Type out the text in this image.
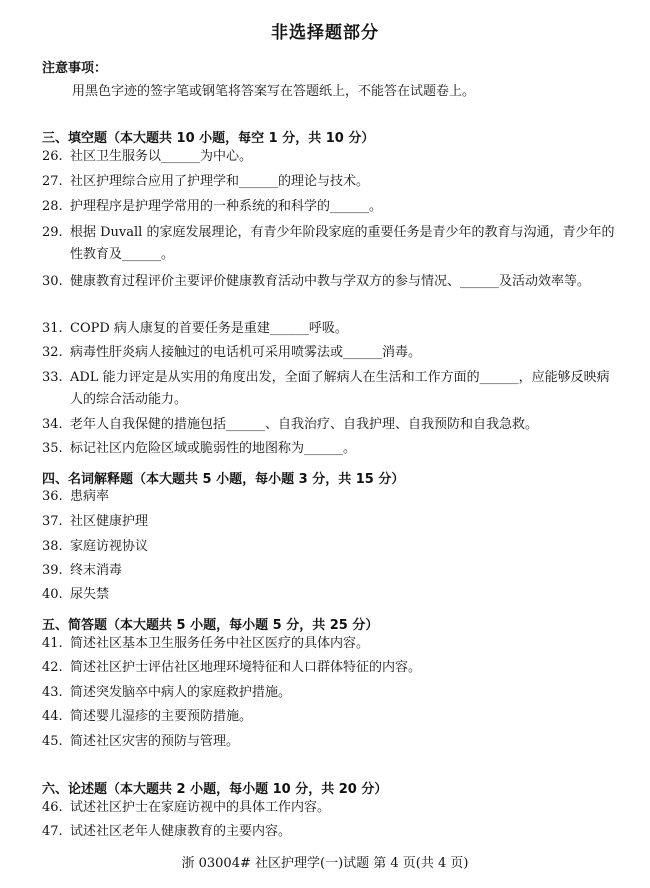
非选择题部分
注意事项：
用黑色字迹的签字笔或钢笔将答案写在答题纸上，不能答在试题卷上。
三、填空题（本大题共 10 小题，每空 1 分，共 10 分）
26. 社区卫生服务以______为中心。
27. 社区护理综合应用了护理学和______的理论与技术。
28. 护理程序是护理学常用的一种系统的和科学的______。
29. 根据 Duvall 的家庭发展理论，有青少年阶段家庭的重要任务是青少年的教育与沟通，青少年的性教育及______。
30. 健康教育过程评价主要评价健康教育活动中教与学双方的参与情况、______及活动效率等。
31. COPD 病人康复的首要任务是重建______呼吸。
32. 病毒性肝炎病人接触过的电话机可采用喷雾法或______消毒。
33. ADL 能力评定是从实用的角度出发，全面了解病人在生活和工作方面的______，应能够反映病人的综合活动能力。
34. 老年人自我保健的措施包括______、自我治疗、自我护理、自我预防和自我急救。
35. 标记社区内危险区域或脆弱性的地图称为______。
四、名词解释题（本大题共 5 小题，每小题 3 分，共 15 分）
36. 患病率
37. 社区健康护理
38. 家庭访视协议
39. 终末消毒
40. 尿失禁
五、简答题（本大题共 5 小题，每小题 5 分，共 25 分）
41. 简述社区基本卫生服务任务中社区医疗的具体内容。
42. 简述社区护士评估社区地理环境特征和人口群体特征的内容。
43. 简述突发脑卒中病人的家庭救护措施。
44. 简述婴儿湿疹的主要预防措施。
45. 简述社区灾害的预防与管理。
六、论述题（本大题共 2 小题，每小题 10 分，共 20 分）
46. 试述社区护士在家庭访视中的具体工作内容。
47. 试述社区老年人健康教育的主要内容。
浙 03004# 社区护理学(一)试题 第 4 页(共 4 页)
